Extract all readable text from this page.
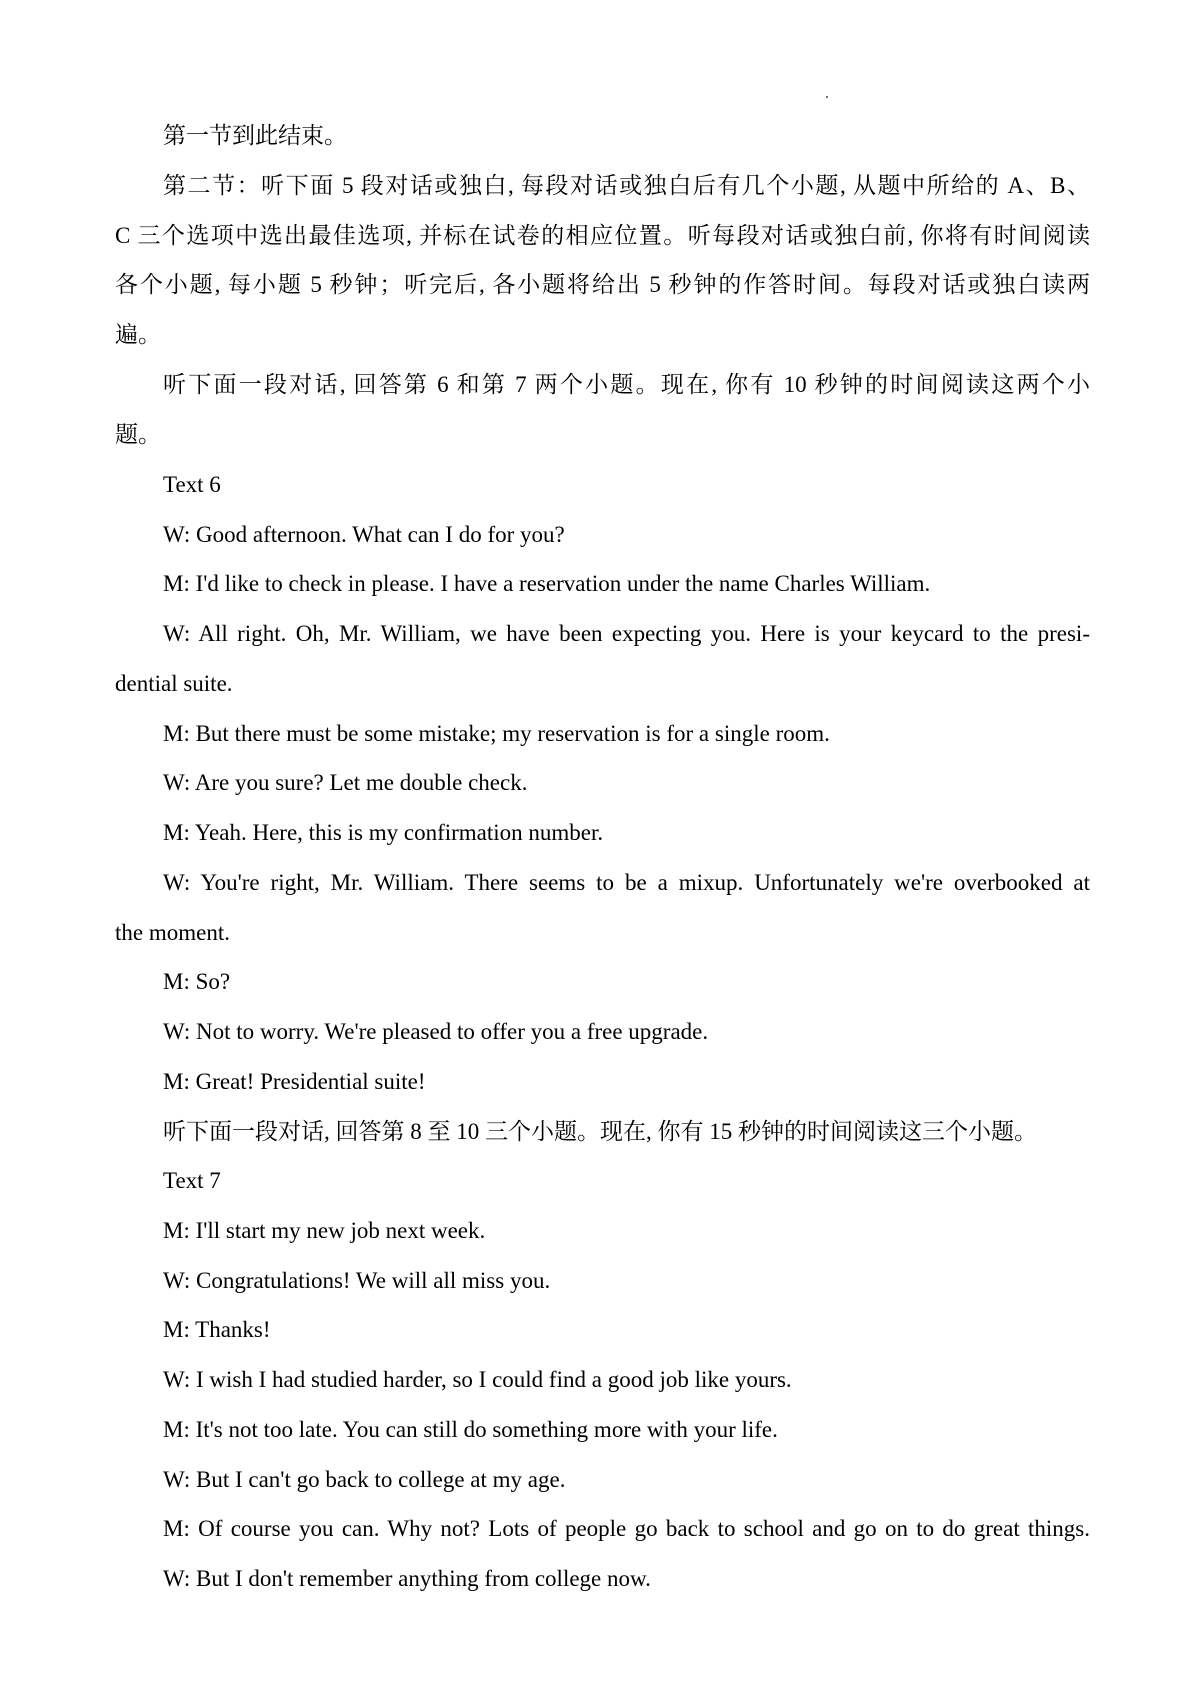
第一节到此结束。
第二节：听下面 5 段对话或独白, 每段对话或独白后有几个小题, 从题中所给的 A、B、
C 三个选项中选出最佳选项, 并标在试卷的相应位置。听每段对话或独白前, 你将有时间阅读
各个小题, 每小题 5 秒钟；听完后, 各小题将给出 5 秒钟的作答时间。每段对话或独白读两
遍。
听下面一段对话, 回答第 6 和第 7 两个小题。现在, 你有 10 秒钟的时间阅读这两个小
题。
Text 6
W: Good afternoon. What can I do for you?
M: I'd like to check in please. I have a reservation under the name Charles William.
W: All right. Oh, Mr. William, we have been expecting you. Here is your keycard to the presi-
dential suite.
M: But there must be some mistake; my reservation is for a single room.
W: Are you sure? Let me double check.
M: Yeah. Here, this is my confirmation number.
W: You're right, Mr. William. There seems to be a mixup. Unfortunately we're overbooked at
the moment.
M: So?
W: Not to worry. We're pleased to offer you a free upgrade.
M: Great! Presidential suite!
听下面一段对话, 回答第 8 至 10 三个小题。现在, 你有 15 秒钟的时间阅读这三个小题。
Text 7
M: I'll start my new job next week.
W: Congratulations! We will all miss you.
M: Thanks!
W: I wish I had studied harder, so I could find a good job like yours.
M: It's not too late. You can still do something more with your life.
W: But I can't go back to college at my age.
M: Of course you can. Why not? Lots of people go back to school and go on to do great things.
W: But I don't remember anything from college now.
